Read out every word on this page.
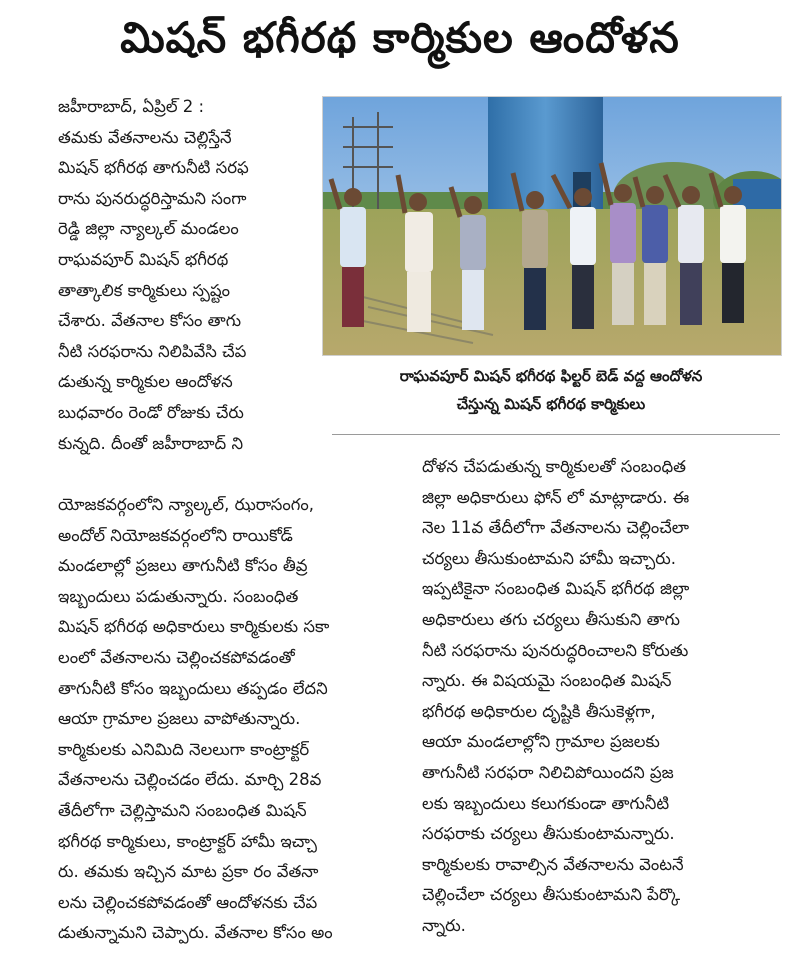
మిషన్ భగీరథ కార్మికుల ఆందోళన
జహీరాబాద్, ఏప్రిల్ 2 :
తమకు వేతనాలను చెల్లిస్తేనే
మిషన్ భగీరథ తాగునీటి సరఫ
రాను పునరుద్ధరిస్తామని సంగా
రెడ్డి జిల్లా న్యాల్కల్ మండలం
రాఘవపూర్ మిషన్ భగీరథ
తాత్కాలిక కార్మికులు స్పష్టం
చేశారు. వేతనాల కోసం తాగు
నీటి సరఫరాను నిలిపివేసి చేప
డుతున్న కార్మికుల ఆందోళన
బుధవారం రెండో రోజుకు చేరు
కున్నది. దీంతో జహీరాబాద్ ని
యోజకవర్గంలోని న్యాల్కల్, ఝరాసంగం,
అందోల్ నియోజకవర్గంలోని రాయికోడ్
మండలాల్లో ప్రజలు తాగునీటి కోసం తీవ్ర
ఇబ్బందులు పడుతున్నారు. సంబంధిత
మిషన్ భగీరథ అధికారులు కార్మికులకు సకా
లంలో వేతనాలను చెల్లించకపోవడంతో
తాగునీటి కోసం ఇబ్బందులు తప్పడం లేదని
ఆయా గ్రామాల ప్రజలు వాపోతున్నారు.
కార్మికులకు ఎనిమిది నెలలుగా కాంట్రాక్టర్
వేతనాలను చెల్లించడం లేదు. మార్చి 28వ
తేదీలోగా చెల్లిస్తామని సంబంధిత మిషన్
భగీరథ కార్మికులు, కాంట్రాక్టర్ హామీ ఇచ్చా
రు. తమకు ఇచ్చిన మాట ప్రకా రం వేతనా
లను చెల్లించకపోవడంతో ఆందోళనకు చేప
డుతున్నామని చెప్పారు. వేతనాల కోసం అం
రాఘవపూర్ మిషన్ భగీరథ ఫిల్టర్ బెడ్ వద్ద ఆందోళన
చేస్తున్న మిషన్ భగీరథ కార్మికులు
దోళన చేపడుతున్న కార్మికులతో సంబంధిత
జిల్లా అధికారులు ఫోన్ లో మాట్లాడారు. ఈ
నెల 11వ తేదీలోగా వేతనాలను చెల్లించేలా
చర్యలు తీసుకుంటామని హామీ ఇచ్చారు.
ఇప్పటికైనా సంబంధిత మిషన్ భగీరథ జిల్లా
అధికారులు తగు చర్యలు తీసుకుని తాగు
నీటి సరఫరాను పునరుద్ధరించాలని కోరుతు
న్నారు. ఈ విషయమై సంబంధిత మిషన్
భగీరథ అధికారుల దృష్టికి తీసుకెళ్లగా,
ఆయా మండలాల్లోని గ్రామాల ప్రజలకు
తాగునీటి సరఫరా నిలిచిపోయిందని ప్రజ
లకు ఇబ్బందులు కలుగకుండా తాగునీటి
సరఫరాకు చర్యలు తీసుకుంటామన్నారు.
కార్మికులకు రావాల్సిన వేతనాలను వెంటనే
చెల్లించేలా చర్యలు తీసుకుంటామని పేర్కొ
న్నారు.
